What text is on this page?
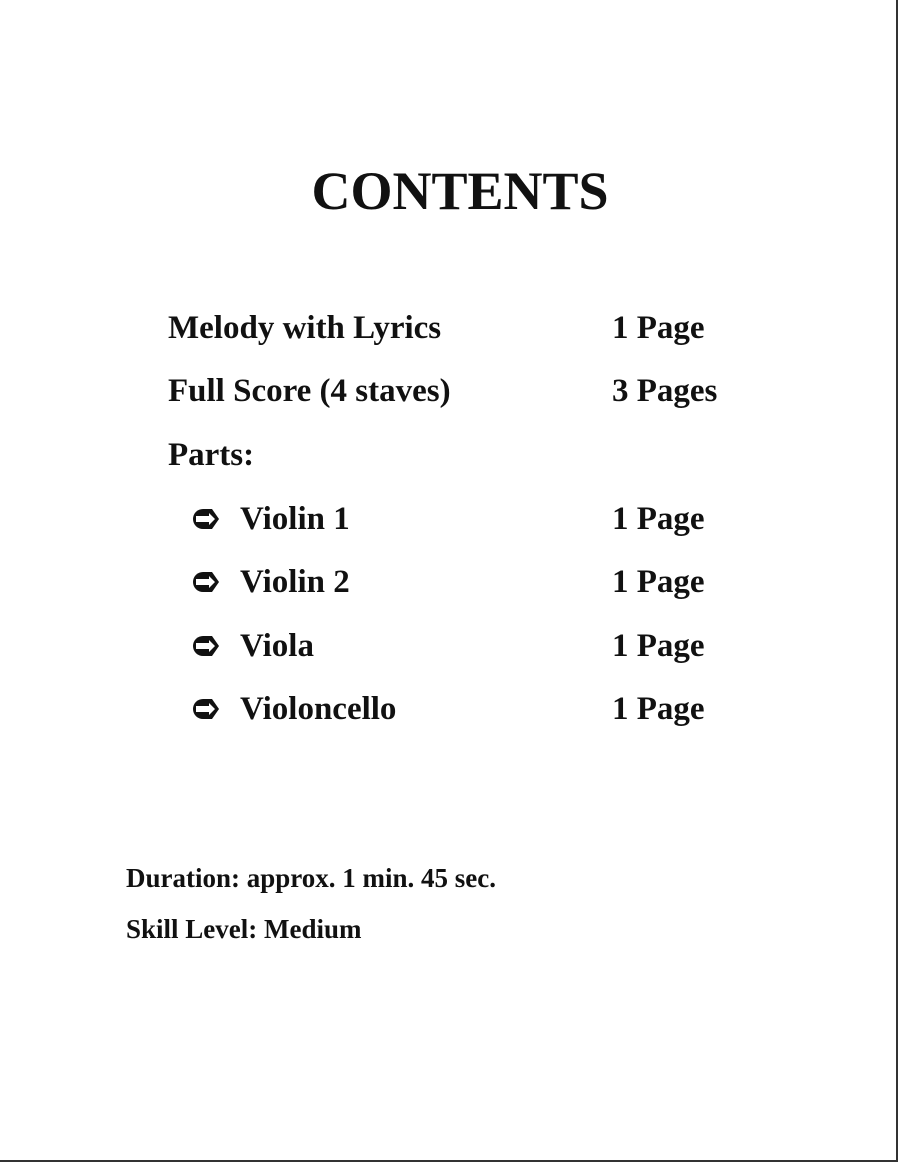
CONTENTS
Melody with Lyrics	1 Page
Full Score (4 staves)	3 Pages
Parts:
Violin 1	1 Page
Violin 2	1 Page
Viola	1 Page
Violoncello	1 Page
Duration: approx. 1 min. 45 sec.
Skill Level: Medium
